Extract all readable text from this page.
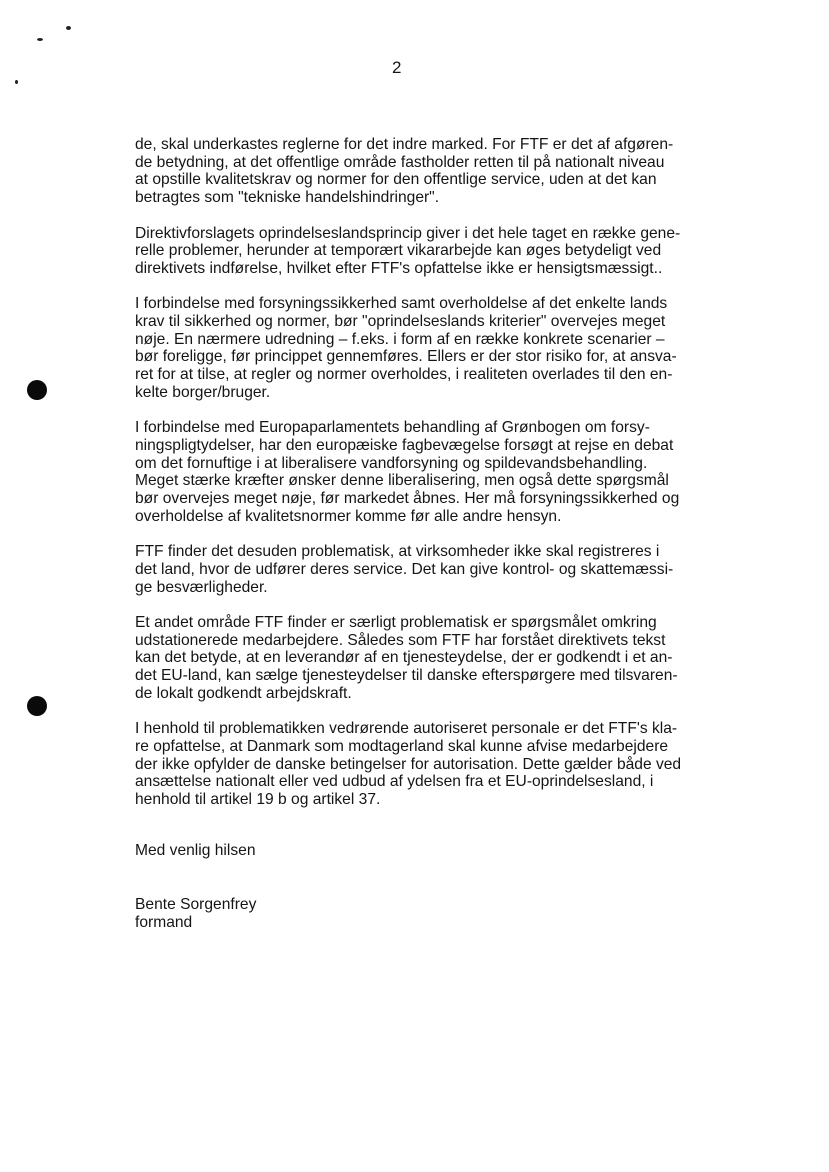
2

de, skal underkastes reglerne for det indre marked. For FTF er det af afgøren-
de betydning, at det offentlige område fastholder retten til på nationalt niveau
at opstille kvalitetskrav og normer for den offentlige service, uden at det kan
betragtes som "tekniske handelshindringer".

Direktivforslagets oprindelseslandsprincip giver i det hele taget en række gene-
relle problemer, herunder at temporært vikararbejde kan øges betydeligt ved
direktivets indførelse, hvilket efter FTF's opfattelse ikke er hensigtsmæssigt..

I forbindelse med forsyningssikkerhed samt overholdelse af det enkelte lands
krav til sikkerhed og normer, bør "oprindelseslands kriterier" overvejes meget
nøje. En nærmere udredning – f.eks. i form af en række konkrete scenarier –
bør foreligge, før princippet gennemføres. Ellers er der stor risiko for, at ansva-
ret for at tilse, at regler og normer overholdes, i realiteten overlades til den en-
kelte borger/bruger.

I forbindelse med Europaparlamentets behandling af Grønbogen om forsy-
ningspligtydelser, har den europæiske fagbevægelse forsøgt at rejse en debat
om det fornuftige i at liberalisere vandforsyning og spildevandsbehandling.
Meget stærke kræfter ønsker denne liberalisering, men også dette spørgsmål
bør overvejes meget nøje, før markedet åbnes. Her må forsyningssikkerhed og
overholdelse af kvalitetsnormer komme før alle andre hensyn.

FTF finder det desuden problematisk, at virksomheder ikke skal registreres i
det land, hvor de udfører deres service. Det kan give kontrol- og skattemæssi-
ge besværligheder.

Et andet område FTF finder er særligt problematisk er spørgsmålet omkring
udstationerede medarbejdere. Således som FTF har forstået direktivets tekst
kan det betyde, at en leverandør af en tjenesteydelse, der er godkendt i et an-
det EU-land, kan sælge tjenesteydelser til danske efterspørgere med tilsvaren-
de lokalt godkendt arbejdskraft.

I henhold til problematikken vedrørende autoriseret personale er det FTF's kla-
re opfattelse, at Danmark som modtagerland skal kunne afvise medarbejdere
der ikke opfylder de danske betingelser for autorisation. Dette gælder både ved
ansættelse nationalt eller ved udbud af ydelsen fra et EU-oprindelsesland, i
henhold til artikel 19 b og artikel 37.

Med venlig hilsen
Bente Sorgenfrey
formand
